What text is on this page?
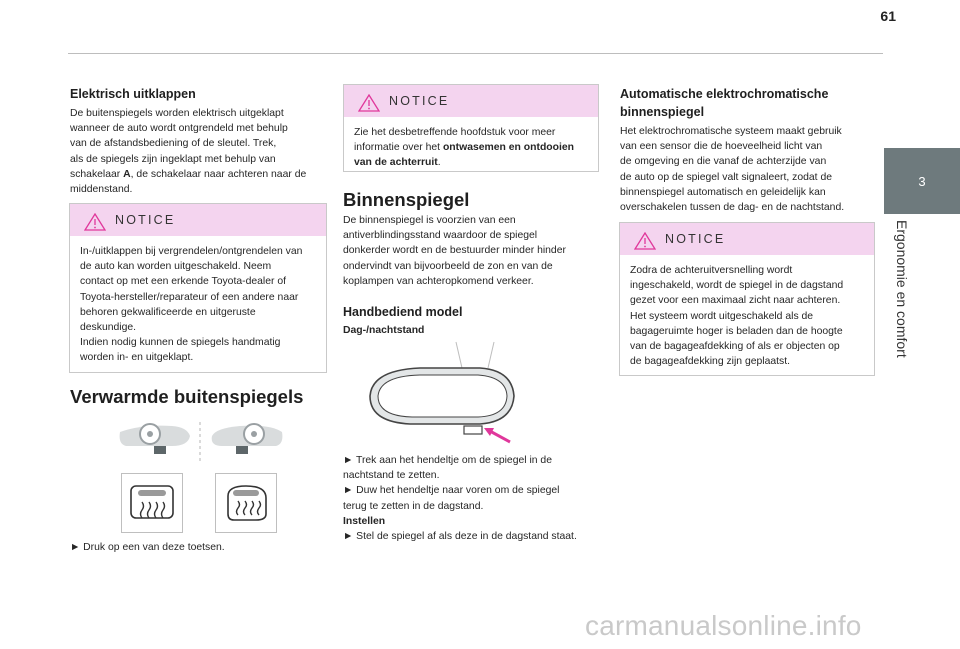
61
3
Ergonomie en comfort
Elektrisch uitklappen
De buitenspiegels worden elektrisch uitgeklapt
wanneer de auto wordt ontgrendeld met behulp
van de afstandsbediening of de sleutel. Trek,
als de spiegels zijn ingeklapt met behulp van
schakelaar A, de schakelaar naar achteren naar de
middenstand.
NOTICE
In-/uitklappen bij vergrendelen/ontgrendelen van
de auto kan worden uitgeschakeld. Neem
contact op met een erkende Toyota-dealer of
Toyota-hersteller/reparateur of een andere naar
behoren gekwalificeerde en uitgeruste
deskundige.
Indien nodig kunnen de spiegels handmatig
worden in- en uitgeklapt.
Verwarmde buitenspiegels
► Druk op een van deze toetsen.
NOTICE
Zie het desbetreffende hoofdstuk voor meer
informatie over het ontwasemen en ontdooien
van de achterruit.
Binnenspiegel
De binnenspiegel is voorzien van een
antiverblindingsstand waardoor de spiegel
donkerder wordt en de bestuurder minder hinder
ondervindt van bijvoorbeeld de zon en van de
koplampen van achteropkomend verkeer.
Handbediend model
Dag-/nachtstand
► Trek aan het hendeltje om de spiegel in de
nachtstand te zetten.
► Duw het hendeltje naar voren om de spiegel
terug te zetten in de dagstand.
Instellen
► Stel de spiegel af als deze in de dagstand staat.
Automatische elektrochromatische
binnenspiegel
Het elektrochromatische systeem maakt gebruik
van een sensor die de hoeveelheid licht van
de omgeving en die vanaf de achterzijde van
de auto op de spiegel valt signaleert, zodat de
binnenspiegel automatisch en geleidelijk kan
overschakelen tussen de dag- en de nachtstand.
NOTICE
Zodra de achteruitversnelling wordt
ingeschakeld, wordt de spiegel in de dagstand
gezet voor een maximaal zicht naar achteren.
Het systeem wordt uitgeschakeld als de
bagageruimte hoger is beladen dan de hoogte
van de bagageafdekking of als er objecten op
de bagageafdekking zijn geplaatst.
carmanualsonline.info
